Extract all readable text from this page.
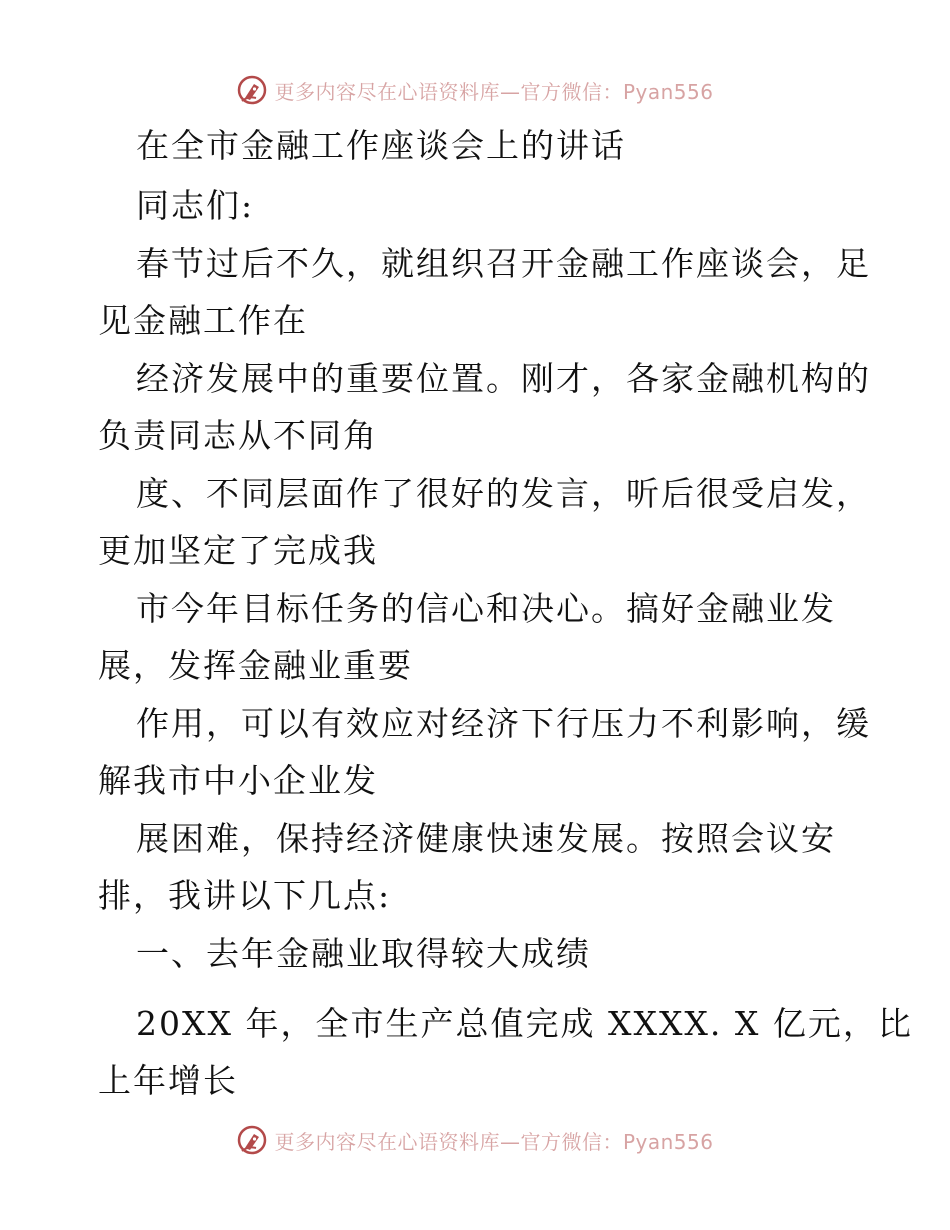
更多内容尽在心语资料库—官方微信：Pyan556
在全市金融工作座谈会上的讲话
同志们:
春节过后不久，就组织召开金融工作座谈会，足
见金融工作在
经济发展中的重要位置。刚才，各家金融机构的
负责同志从不同角
度、不同层面作了很好的发言，听后很受启发，
更加坚定了完成我
市今年目标任务的信心和决心。搞好金融业发
展，发挥金融业重要
作用，可以有效应对经济下行压力不利影响，缓
解我市中小企业发
展困难，保持经济健康快速发展。按照会议安
排，我讲以下几点:
一、去年金融业取得较大成绩
20XX 年，全市生产总值完成 XXXX. X 亿元，比
上年增长
更多内容尽在心语资料库—官方微信：Pyan556
